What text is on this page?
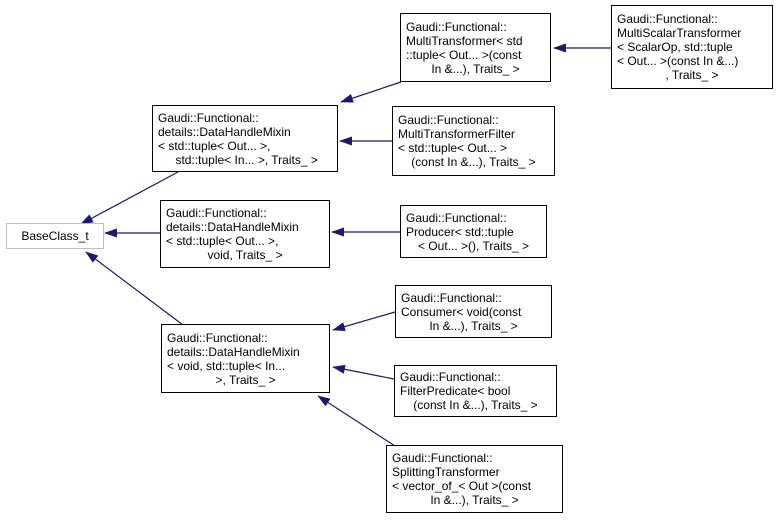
BaseClass_t
Gaudi::Functional::
details::DataHandleMixin
< std::tuple< Out... >,
std::tuple< In... >, Traits_ >
Gaudi::Functional::
details::DataHandleMixin
< std::tuple< Out... >,
void, Traits_ >
Gaudi::Functional::
details::DataHandleMixin
< void, std::tuple< In...
>, Traits_ >
Gaudi::Functional::
MultiTransformer< std
::tuple< Out... >(const
In &...), Traits_ >
Gaudi::Functional::
MultiScalarTransformer
< ScalarOp, std::tuple
< Out... >(const In &...)
, Traits_ >
Gaudi::Functional::
MultiTransformerFilter
< std::tuple< Out... >
(const In &...), Traits_ >
Gaudi::Functional::
Producer< std::tuple
< Out... >(), Traits_ >
Gaudi::Functional::
Consumer< void(const
In &...), Traits_ >
Gaudi::Functional::
FilterPredicate< bool
(const In &...), Traits_ >
Gaudi::Functional::
SplittingTransformer
< vector_of_< Out >(const
In &...), Traits_ >
